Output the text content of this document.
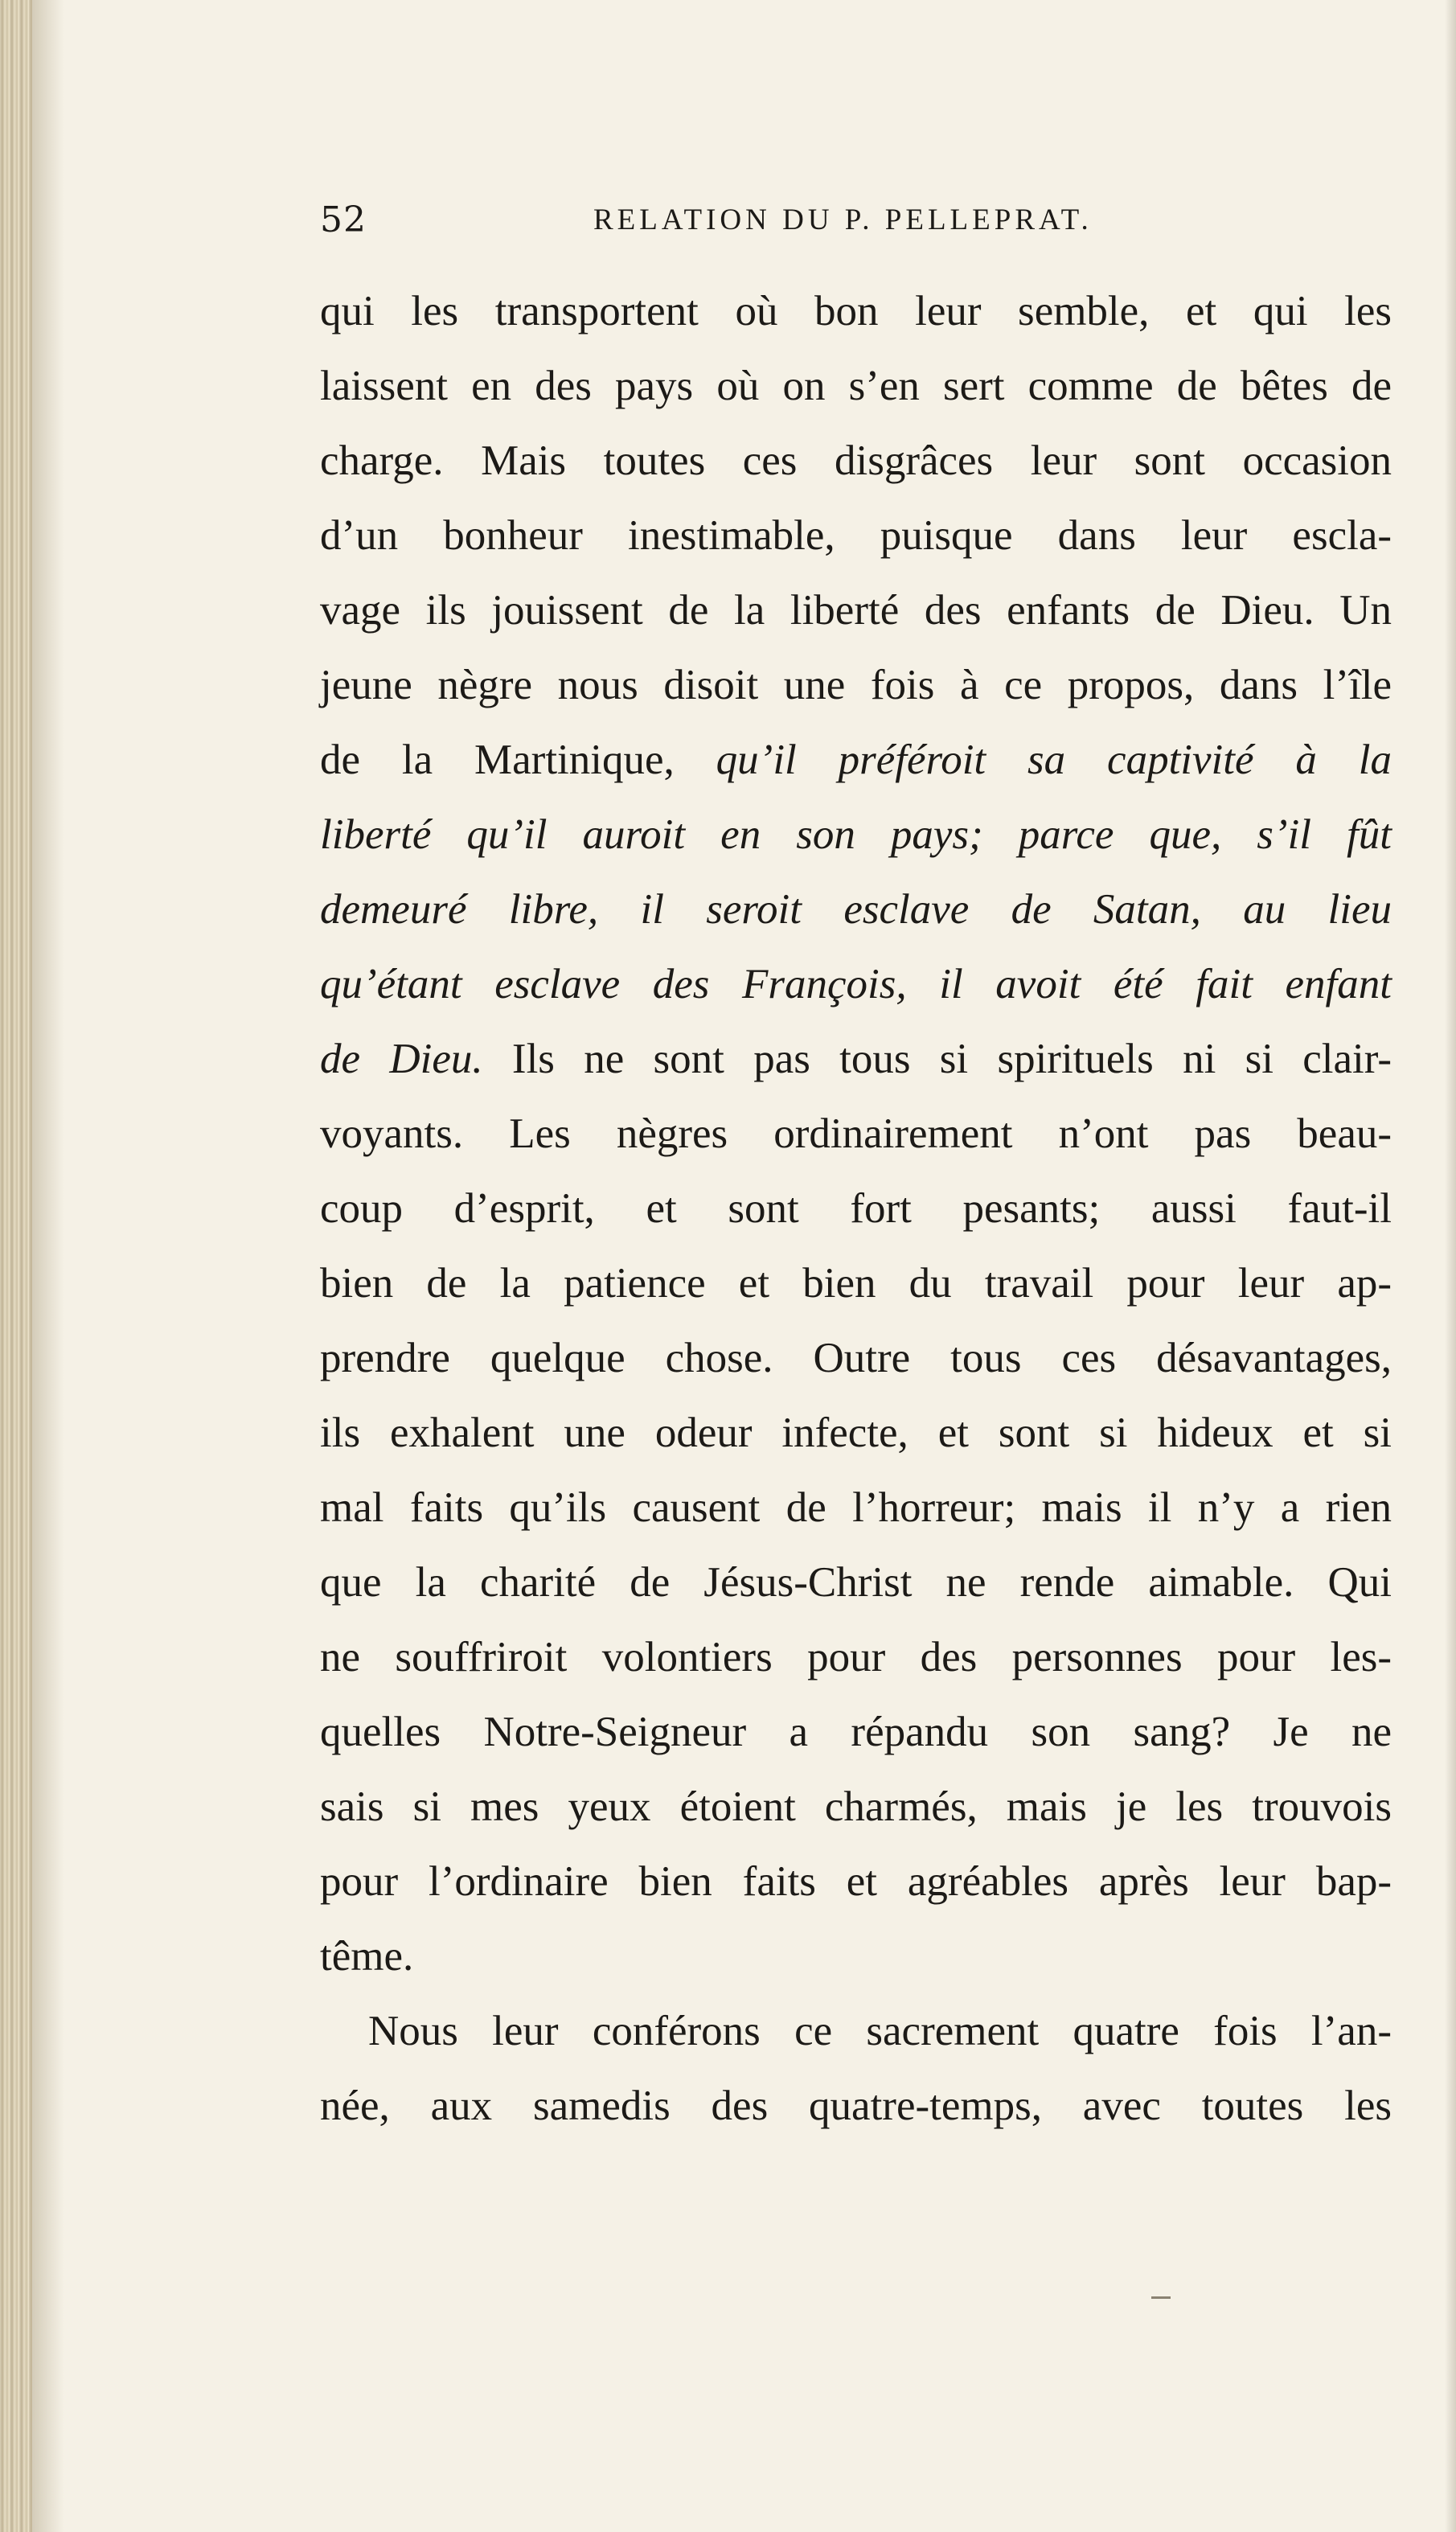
52	RELATION DU P. PELLEPRAT.
qui les transportent où bon leur semble, et qui les
laissent en des pays où on s’en sert comme de bêtes de
charge. Mais toutes ces disgrâces leur sont occasion
d’un bonheur inestimable, puisque dans leur escla-
vage ils jouissent de la liberté des enfants de Dieu. Un
jeune nègre nous disoit une fois à ce propos, dans l’île
de la Martinique, qu’il préféroit sa captivité à la
liberté qu’il auroit en son pays; parce que, s’il fût
demeuré libre, il seroit esclave de Satan, au lieu
qu’étant esclave des François, il avoit été fait enfant
de Dieu. Ils ne sont pas tous si spirituels ni si clair-
voyants. Les nègres ordinairement n’ont pas beau-
coup d’esprit, et sont fort pesants; aussi faut-il
bien de la patience et bien du travail pour leur ap-
prendre quelque chose. Outre tous ces désavantages,
ils exhalent une odeur infecte, et sont si hideux et si
mal faits qu’ils causent de l’horreur; mais il n’y a rien
que la charité de Jésus-Christ ne rende aimable. Qui
ne souffriroit volontiers pour des personnes pour les-
quelles Notre-Seigneur a répandu son sang? Je ne
sais si mes yeux étoient charmés, mais je les trouvois
pour l’ordinaire bien faits et agréables après leur bap-
tême.
Nous leur conférons ce sacrement quatre fois l’an-
née, aux samedis des quatre-temps, avec toutes les
